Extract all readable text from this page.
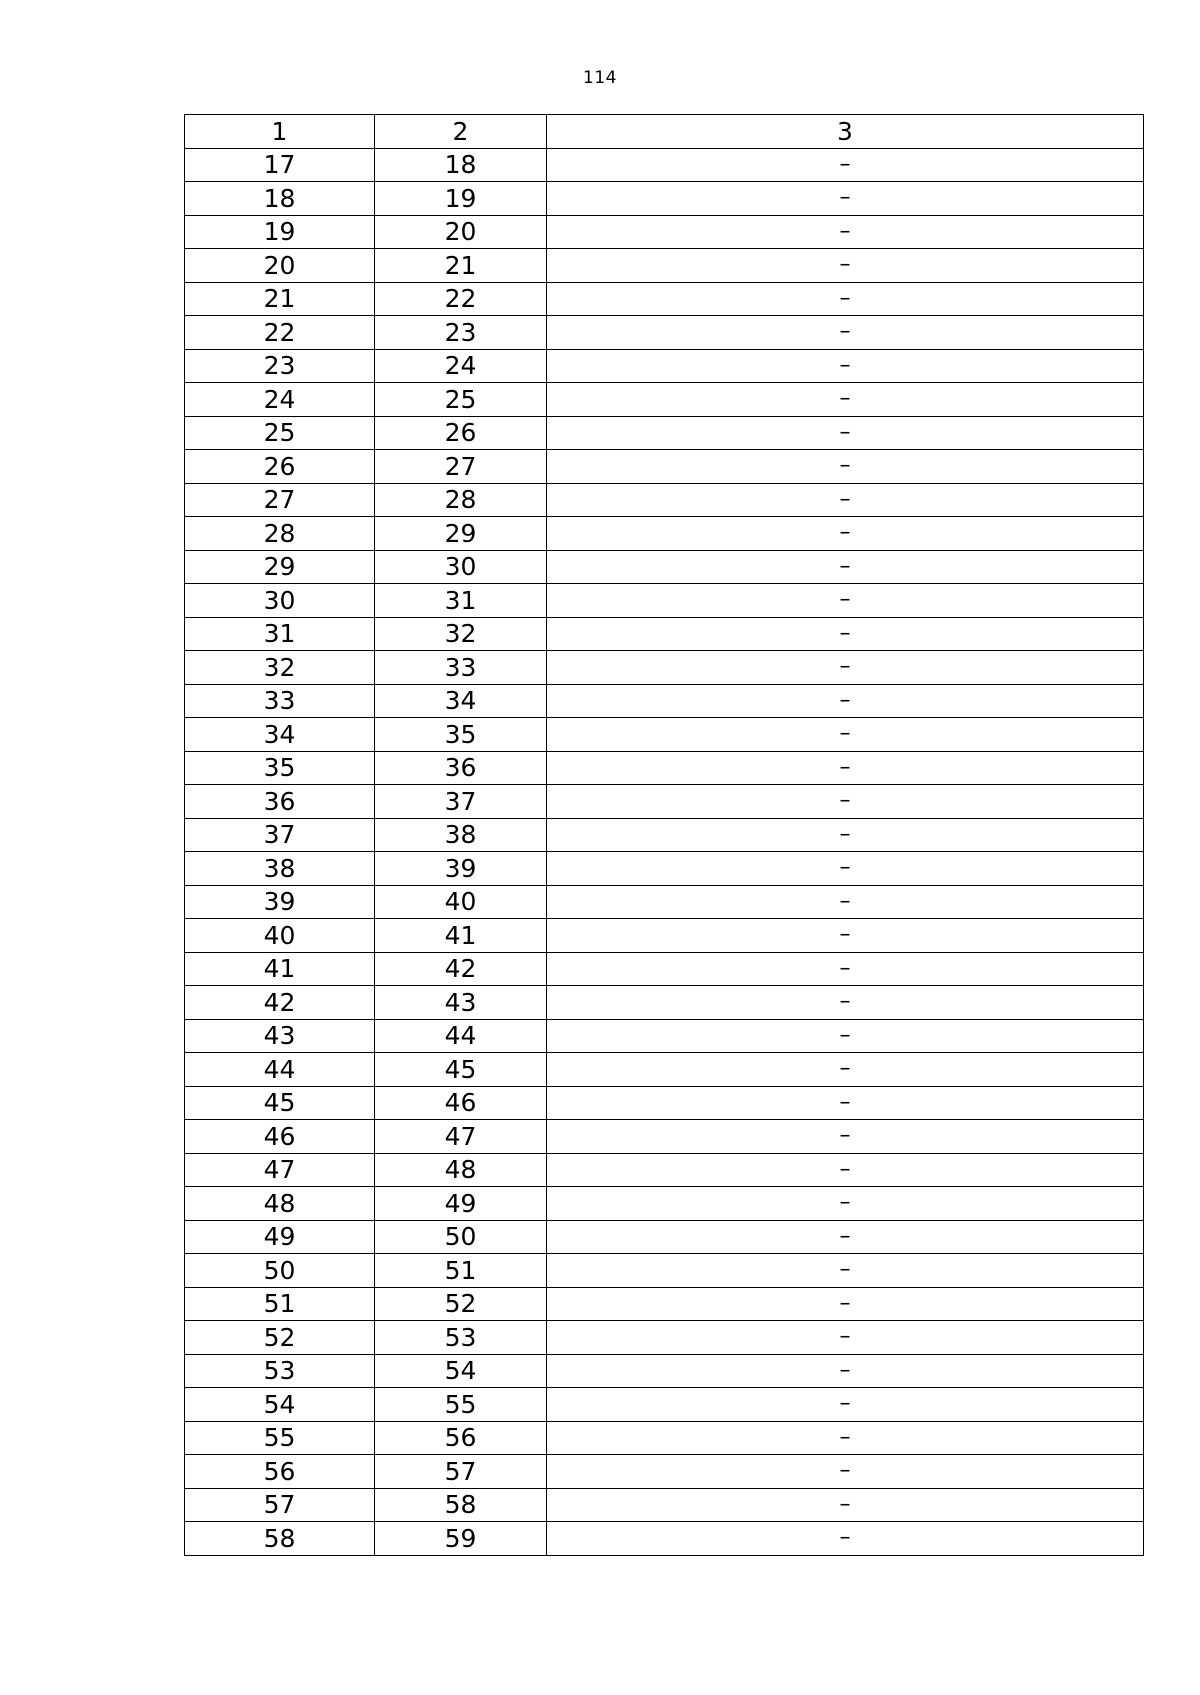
114
1	2	3
17	18	–
18	19	–
19	20	–
20	21	–
21	22	–
22	23	–
23	24	–
24	25	–
25	26	–
26	27	–
27	28	–
28	29	–
29	30	–
30	31	–
31	32	–
32	33	–
33	34	–
34	35	–
35	36	–
36	37	–
37	38	–
38	39	–
39	40	–
40	41	–
41	42	–
42	43	–
43	44	–
44	45	–
45	46	–
46	47	–
47	48	–
48	49	–
49	50	–
50	51	–
51	52	–
52	53	–
53	54	–
54	55	–
55	56	–
56	57	–
57	58	–
58	59	–
